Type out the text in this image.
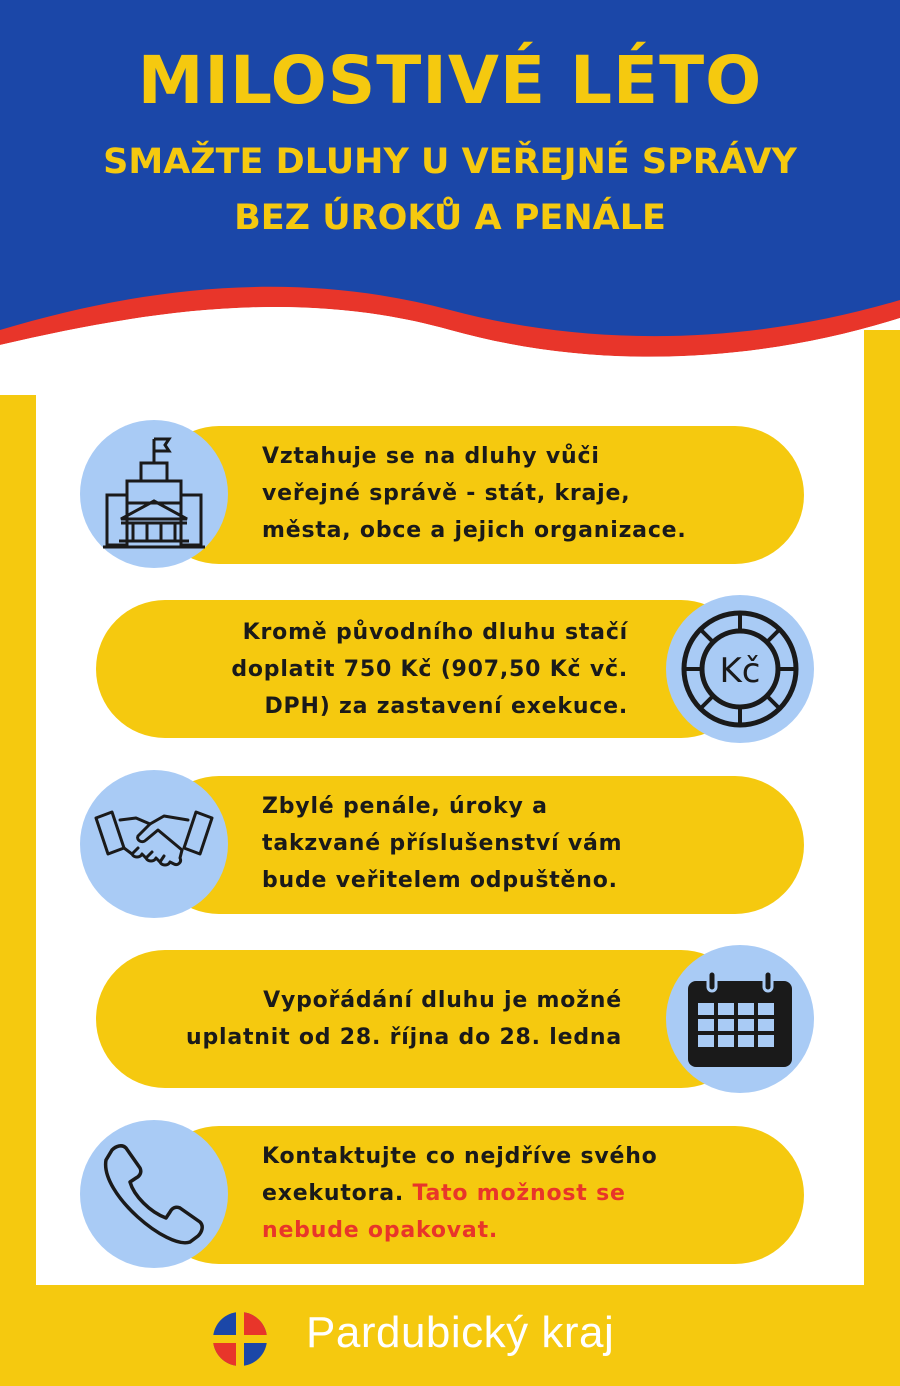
MILOSTIVÉ LÉTO
SMAŽTE DLUHY U VEŘEJNÉ SPRÁVY
BEZ ÚROKŮ A PENÁLE

Vztahuje se na dluhy vůči

veřejné správě - stát, kraje,

města, obce a jejich organizace.

Kč

Kromě původního dluhu stačí

doplatit 750 Kč (907,50 Kč vč.

DPH) za zastavení exekuce.

Zbylé penále, úroky a

takzvané příslušenství vám

bude veřitelem odpuštěno.

Vypořádání dluhu je možné

uplatnit od 28. října do 28. ledna

Kontaktujte co nejdříve svého

exekutora. Tato možnost se

nebude opakovat.

Pardubický kraj
